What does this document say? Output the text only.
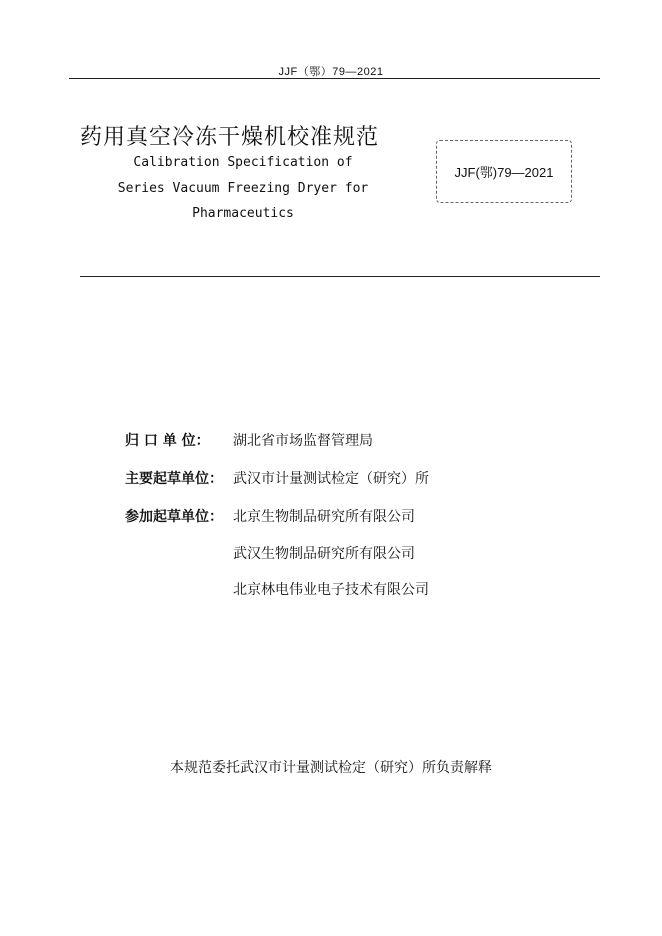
JJF（鄂）79—2021
药用真空冷冻干燥机校准规范
Calibration Specification of
Series Vacuum Freezing Dryer for
Pharmaceutics
JJF(鄂)79—2021
归 口 单 位： 湖北省市场监督管理局
主要起草单位： 武汉市计量测试检定（研究）所
参加起草单位： 北京生物制品研究所有限公司
武汉生物制品研究所有限公司
北京林电伟业电子技术有限公司
本规范委托武汉市计量测试检定（研究）所负责解释
